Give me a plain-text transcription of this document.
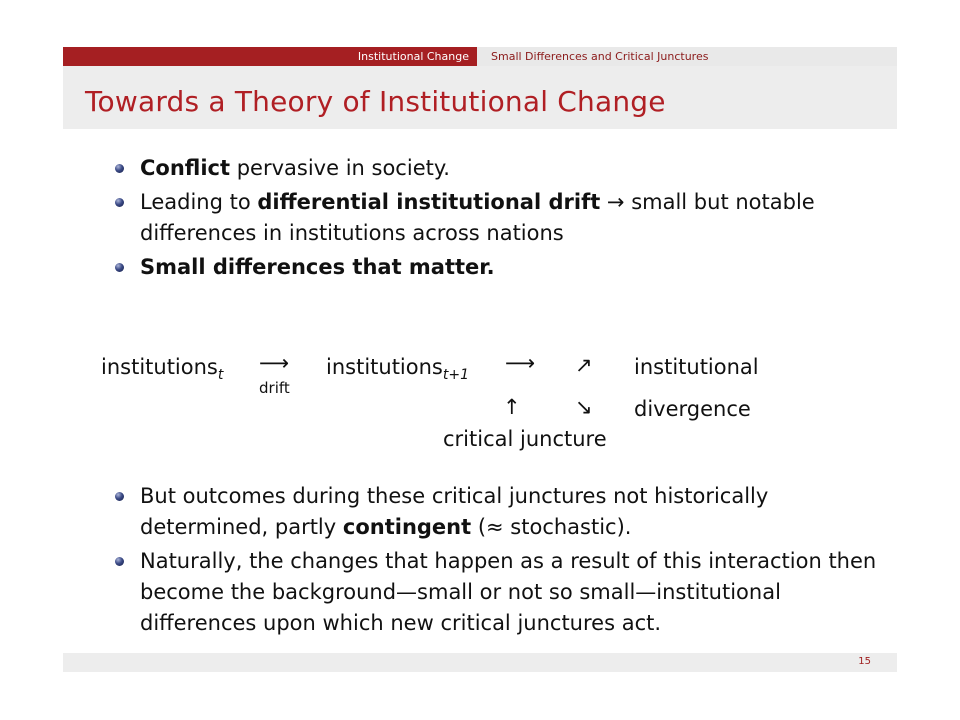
Institutional Change	Small Differences and Critical Junctures
Towards a Theory of Institutional Change
Conflict pervasive in society.
Leading to differential institutional drift → small but notable
differences in institutions across nations
Small differences that matter.
institutions$_t$ ⟶
drift
institutions$_{t+1}$ ⟶ ↗
↘
↑
institutional
divergence
critical juncture
But outcomes during these critical junctures not historically
determined, partly contingent (≈ stochastic).
Naturally, the changes that happen as a result of this interaction then
become the background—small or not so small—institutional
differences upon which new critical junctures act.
15
